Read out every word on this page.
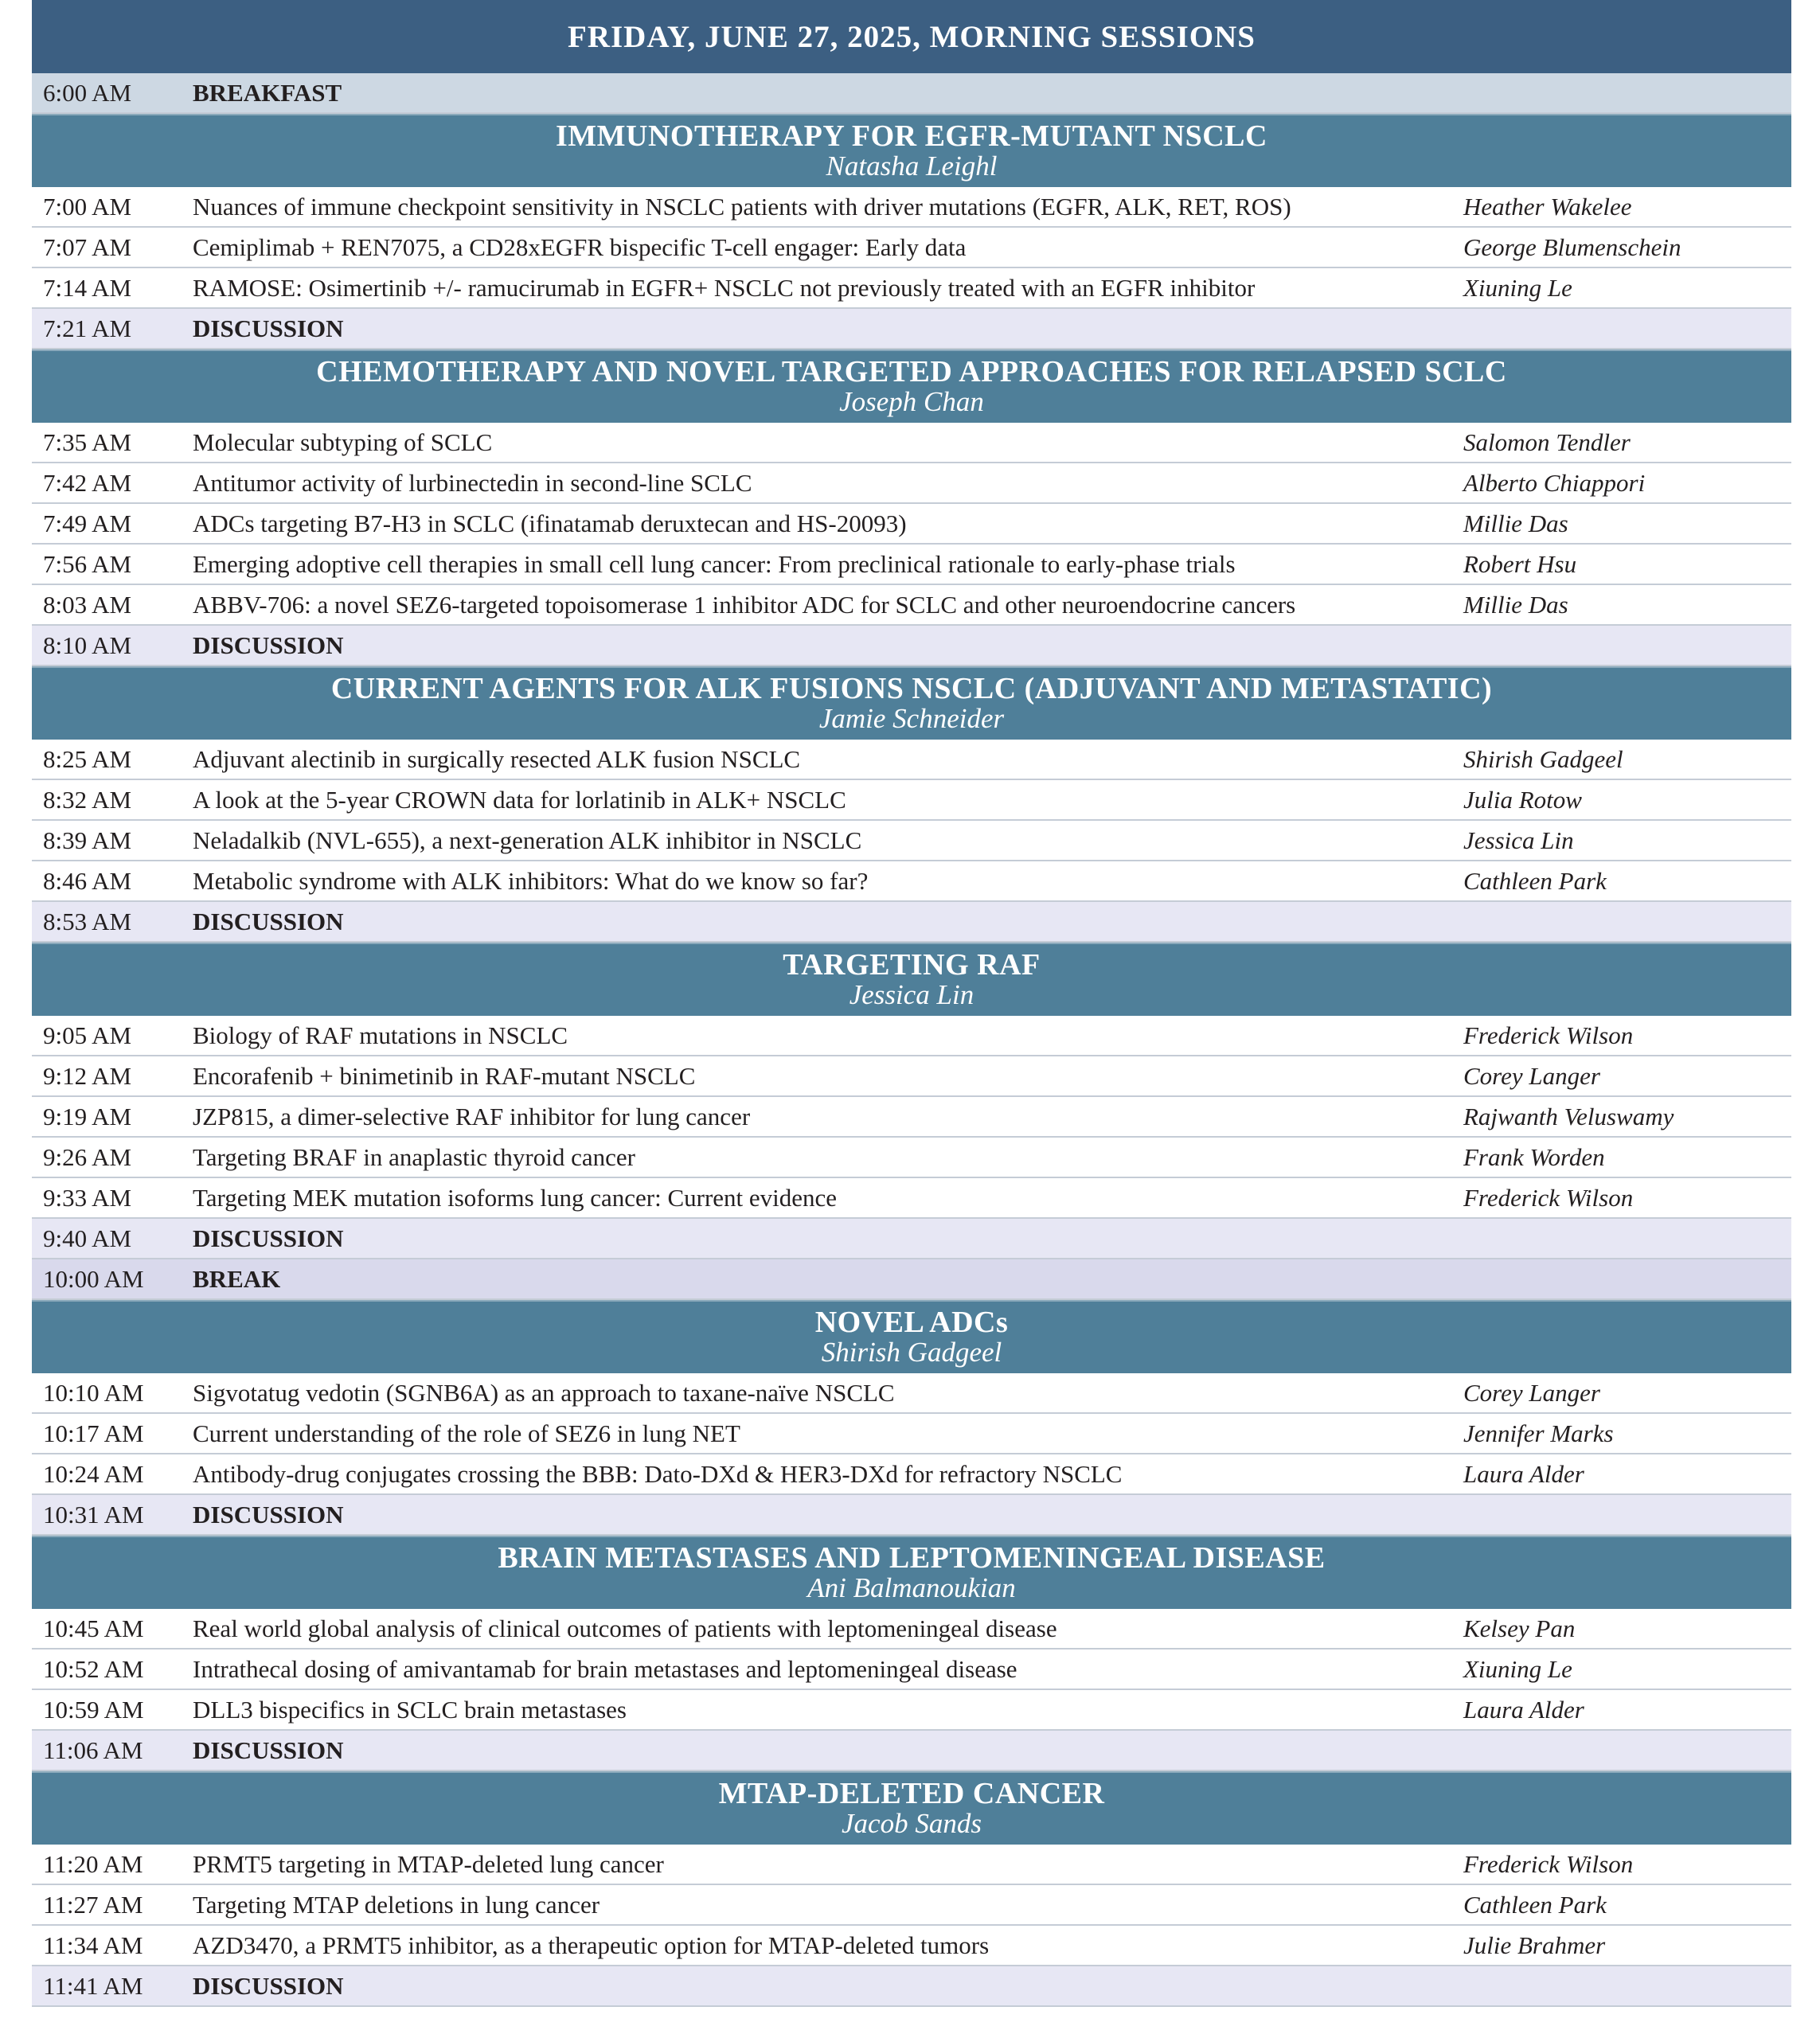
FRIDAY, JUNE 27, 2025, MORNING SESSIONS
6:00 AM	BREAKFAST
IMMUNOTHERAPY FOR EGFR-MUTANT NSCLC
Natasha Leighl
7:00 AM	Nuances of immune checkpoint sensitivity in NSCLC patients with driver mutations (EGFR, ALK, RET, ROS)	Heather Wakelee
7:07 AM	Cemiplimab + REN7075, a CD28xEGFR bispecific T-cell engager: Early data	George Blumenschein
7:14 AM	RAMOSE: Osimertinib +/- ramucirumab in EGFR+ NSCLC not previously treated with an EGFR inhibitor	Xiuning Le
7:21 AM	DISCUSSION
CHEMOTHERAPY AND NOVEL TARGETED APPROACHES FOR RELAPSED SCLC
Joseph Chan
7:35 AM	Molecular subtyping of SCLC	Salomon Tendler
7:42 AM	Antitumor activity of lurbinectedin in second-line SCLC	Alberto Chiappori
7:49 AM	ADCs targeting B7-H3 in SCLC (ifinatamab deruxtecan and HS-20093)	Millie Das
7:56 AM	Emerging adoptive cell therapies in small cell lung cancer: From preclinical rationale to early-phase trials	Robert Hsu
8:03 AM	ABBV-706: a novel SEZ6-targeted topoisomerase 1 inhibitor ADC for SCLC and other neuroendocrine cancers	Millie Das
8:10 AM	DISCUSSION
CURRENT AGENTS FOR ALK FUSIONS NSCLC (ADJUVANT AND METASTATIC)
Jamie Schneider
8:25 AM	Adjuvant alectinib in surgically resected ALK fusion NSCLC	Shirish Gadgeel
8:32 AM	A look at the 5-year CROWN data for lorlatinib in ALK+ NSCLC	Julia Rotow
8:39 AM	Neladalkib (NVL-655), a next-generation ALK inhibitor in NSCLC	Jessica Lin
8:46 AM	Metabolic syndrome with ALK inhibitors: What do we know so far?	Cathleen Park
8:53 AM	DISCUSSION
TARGETING RAF
Jessica Lin
9:05 AM	Biology of RAF mutations in NSCLC	Frederick Wilson
9:12 AM	Encorafenib + binimetinib in RAF-mutant NSCLC	Corey Langer
9:19 AM	JZP815, a dimer-selective RAF inhibitor for lung cancer	Rajwanth Veluswamy
9:26 AM	Targeting BRAF in anaplastic thyroid cancer	Frank Worden
9:33 AM	Targeting MEK mutation isoforms lung cancer: Current evidence	Frederick Wilson
9:40 AM	DISCUSSION
10:00 AM	BREAK
NOVEL ADCs
Shirish Gadgeel
10:10 AM	Sigvotatug vedotin (SGNB6A) as an approach to taxane-naïve NSCLC	Corey Langer
10:17 AM	Current understanding of the role of SEZ6 in lung NET	Jennifer Marks
10:24 AM	Antibody-drug conjugates crossing the BBB: Dato-DXd & HER3-DXd for refractory NSCLC	Laura Alder
10:31 AM	DISCUSSION
BRAIN METASTASES AND LEPTOMENINGEAL DISEASE
Ani Balmanoukian
10:45 AM	Real world global analysis of clinical outcomes of patients with leptomeningeal disease	Kelsey Pan
10:52 AM	Intrathecal dosing of amivantamab for brain metastases and leptomeningeal disease	Xiuning Le
10:59 AM	DLL3 bispecifics in SCLC brain metastases	Laura Alder
11:06 AM	DISCUSSION
MTAP-DELETED CANCER
Jacob Sands
11:20 AM	PRMT5 targeting in MTAP-deleted lung cancer	Frederick Wilson
11:27 AM	Targeting MTAP deletions in lung cancer	Cathleen Park
11:34 AM	AZD3470, a PRMT5 inhibitor, as a therapeutic option for MTAP-deleted tumors	Julie Brahmer
11:41 AM	DISCUSSION
